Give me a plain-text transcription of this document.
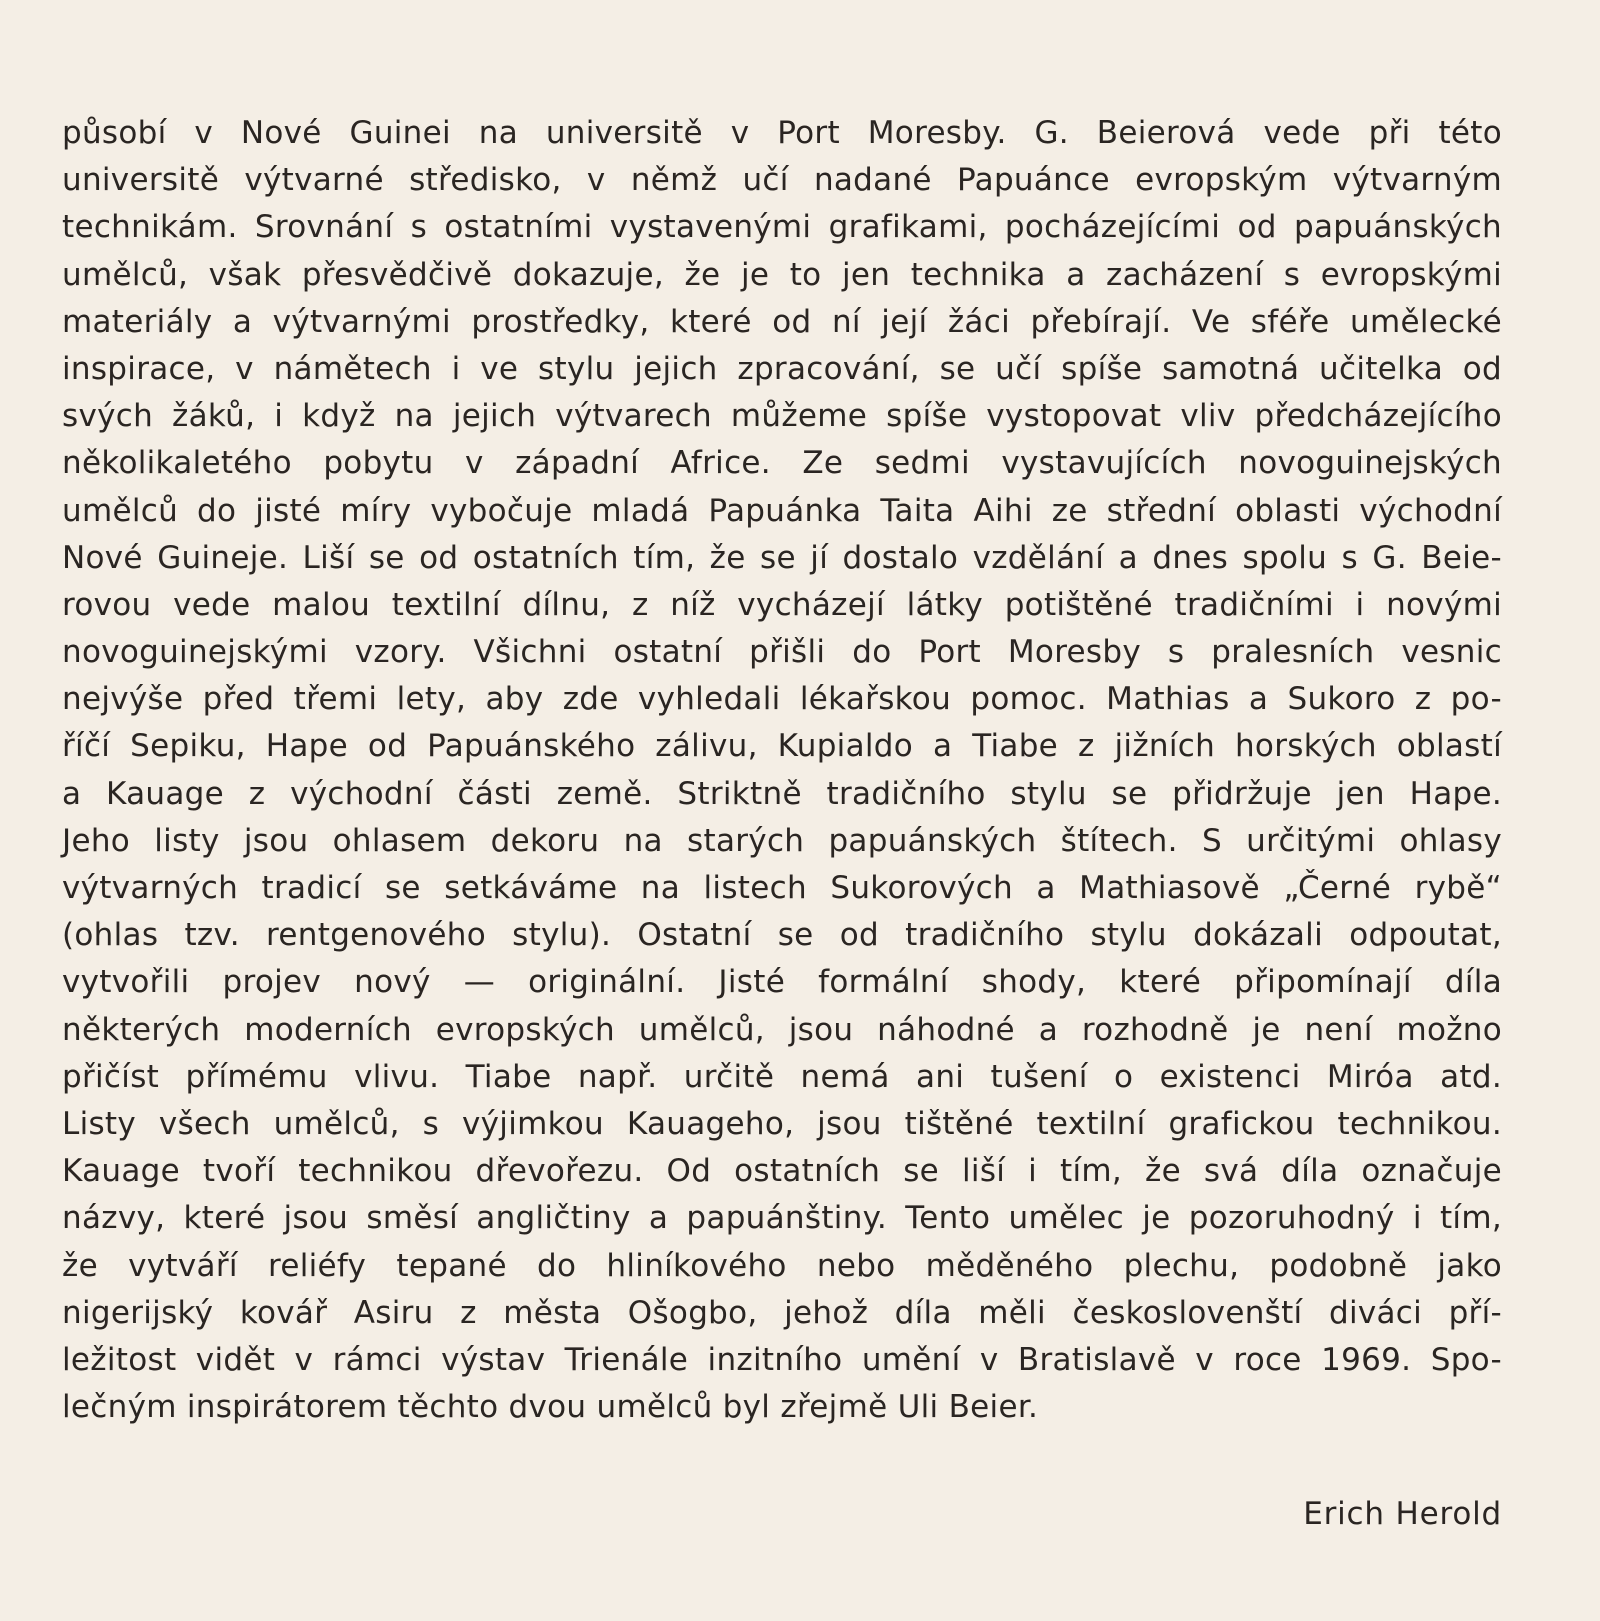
působí v Nové Guinei na universitě v Port Moresby. G. Beierová vede při této
universitě výtvarné středisko, v němž učí nadané Papuánce evropským výtvarným
technikám. Srovnání s ostatními vystavenými grafikami, pocházejícími od papuánských
umělců, však přesvědčivě dokazuje, že je to jen technika a zacházení s evropskými
materiály a výtvarnými prostředky, které od ní její žáci přebírají. Ve sféře umělecké
inspirace, v námětech i ve stylu jejich zpracování, se učí spíše samotná učitelka od
svých žáků, i když na jejich výtvarech můžeme spíše vystopovat vliv předcházejícího
několikaletého pobytu v západní Africe. Ze sedmi vystavujících novoguinejských
umělců do jisté míry vybočuje mladá Papuánka Taita Aihi ze střední oblasti východní
Nové Guineje. Liší se od ostatních tím, že se jí dostalo vzdělání a dnes spolu s G. Beie-
rovou vede malou textilní dílnu, z níž vycházejí látky potištěné tradičními i novými
novoguinejskými vzory. Všichni ostatní přišli do Port Moresby s pralesních vesnic
nejvýše před třemi lety, aby zde vyhledali lékařskou pomoc. Mathias a Sukoro z po-
říčí Sepiku, Hape od Papuánského zálivu, Kupialdo a Tiabe z jižních horských oblastí
a Kauage z východní části země. Striktně tradičního stylu se přidržuje jen Hape.
Jeho listy jsou ohlasem dekoru na starých papuánských štítech. S určitými ohlasy
výtvarných tradicí se setkáváme na listech Sukorových a Mathiasově „Černé rybě“
(ohlas tzv. rentgenového stylu). Ostatní se od tradičního stylu dokázali odpoutat,
vytvořili projev nový — originální. Jisté formální shody, které připomínají díla
některých moderních evropských umělců, jsou náhodné a rozhodně je není možno
přičíst přímému vlivu. Tiabe např. určitě nemá ani tušení o existenci Miróa atd.
Listy všech umělců, s výjimkou Kauageho, jsou tištěné textilní grafickou technikou.
Kauage tvoří technikou dřevořezu. Od ostatních se liší i tím, že svá díla označuje
názvy, které jsou směsí angličtiny a papuánštiny. Tento umělec je pozoruhodný i tím,
že vytváří reliéfy tepané do hliníkového nebo měděného plechu, podobně jako
nigerijský kovář Asiru z města Ošogbo, jehož díla měli českoslovenští diváci pří-
ležitost vidět v rámci výstav Trienále inzitního umění v Bratislavě v roce 1969. Spo-
lečným inspirátorem těchto dvou umělců byl zřejmě Uli Beier.
Erich Herold
